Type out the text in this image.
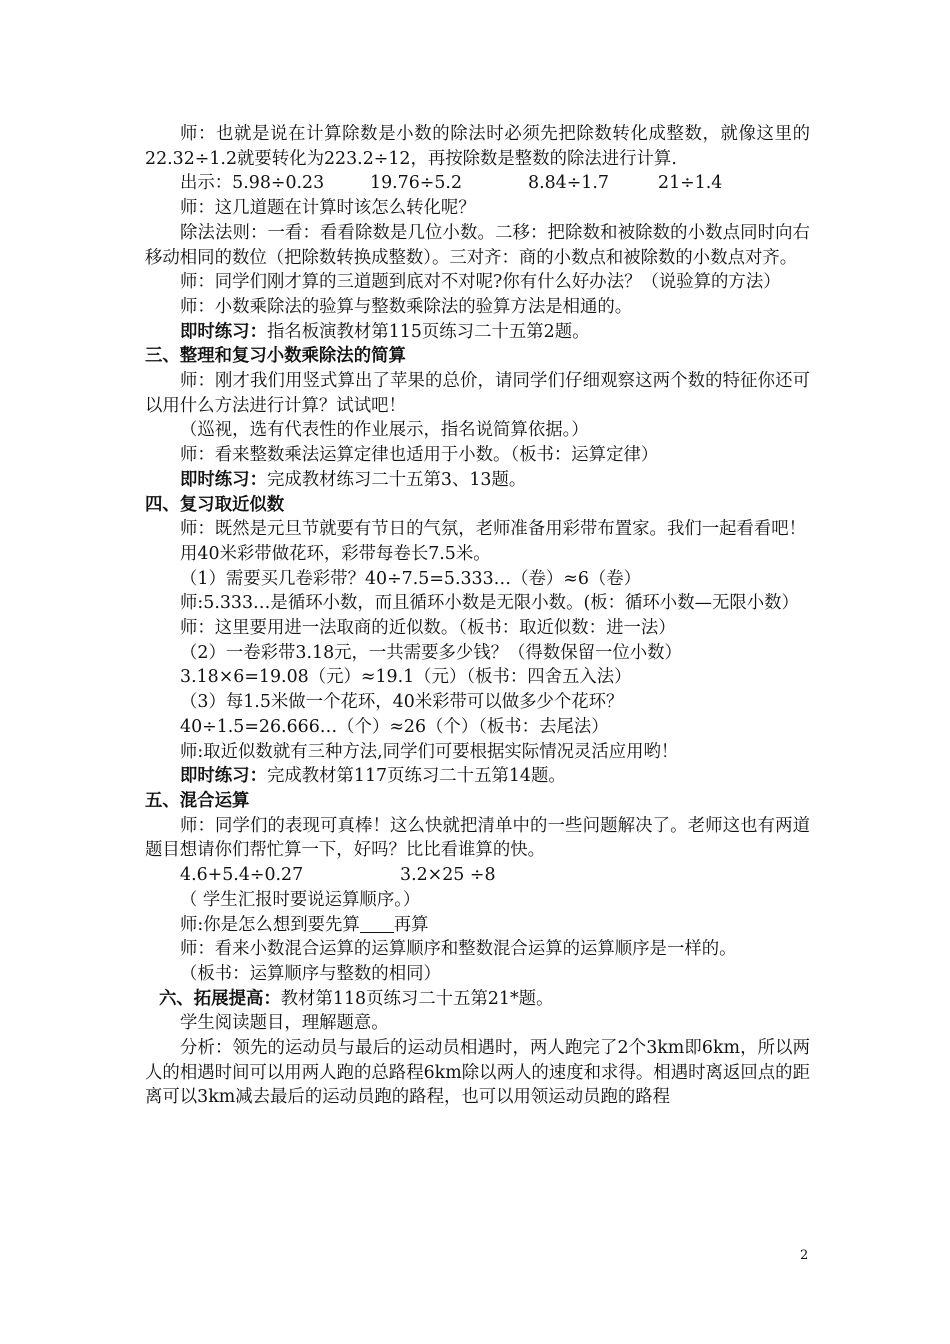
师：也就是说在计算除数是小数的除法时必须先把除数转化成整数，就像这里的22.32÷1.2就要转化为223.2÷12，再按除数是整数的除法进行计算.

出示：5.98÷0.23	19.76÷5.2	8.84÷1.7	21÷1.4

师：这几道题在计算时该怎么转化呢？

除法法则：一看：看看除数是几位小数。二移：把除数和被除数的小数点同时向右移动相同的数位（把除数转换成整数）。三对齐：商的小数点和被除数的小数点对齐。

师：同学们刚才算的三道题到底对不对呢?你有什么好办法？（说验算的方法）

师：小数乘除法的验算与整数乘除法的验算方法是相通的。

即时练习：指名板演教材第115页练习二十五第2题。

三、整理和复习小数乘除法的简算

师：刚才我们用竖式算出了苹果的总价，请同学们仔细观察这两个数的特征你还可以用什么方法进行计算？试试吧！

（巡视，选有代表性的作业展示，指名说简算依据。）

师：看来整数乘法运算定律也适用于小数。（板书：运算定律）

即时练习：完成教材练习二十五第3、13题。

四、复习取近似数

师：既然是元旦节就要有节日的气氛，老师准备用彩带布置家。我们一起看看吧！

用40米彩带做花环，彩带每卷长7.5米。

（1）需要买几卷彩带？40÷7.5=5.333…（卷）≈6（卷）

师:5.333…是循环小数，而且循环小数是无限小数。(板：循环小数—无限小数）

师：这里要用进一法取商的近似数。（板书：取近似数：进一法）

（2）一卷彩带3.18元，一共需要多少钱？（得数保留一位小数）

3.18×6=19.08（元）≈19.1（元）（板书：四舍五入法）

（3）每1.5米做一个花环，40米彩带可以做多少个花环？

40÷1.5=26.666…（个）≈26（个）（板书：去尾法）

师:取近似数就有三种方法,同学们可要根据实际情况灵活应用哟！

即时练习：完成教材第117页练习二十五第14题。

五、混合运算

师：同学们的表现可真棒！这么快就把清单中的一些问题解决了。老师这也有两道题目想请你们帮忙算一下，好吗？比比看谁算的快。

4.6+5.4÷0.27	3.2×25 ÷8

（ 学生汇报时要说运算顺序。）

师:你是怎么想到要先算 再算

师：看来小数混合运算的运算顺序和整数混合运算的运算顺序是一样的。

（板书：运算顺序与整数的相同）

六、拓展提高：教材第118页练习二十五第21*题。

学生阅读题目，理解题意。

分析：领先的运动员与最后的运动员相遇时，两人跑完了2个3km即6km，所以两人的相遇时间可以用两人跑的总路程6km除以两人的速度和求得。相遇时离返回点的距离可以3km减去最后的运动员跑的路程，也可以用领运动员跑的路程

2
